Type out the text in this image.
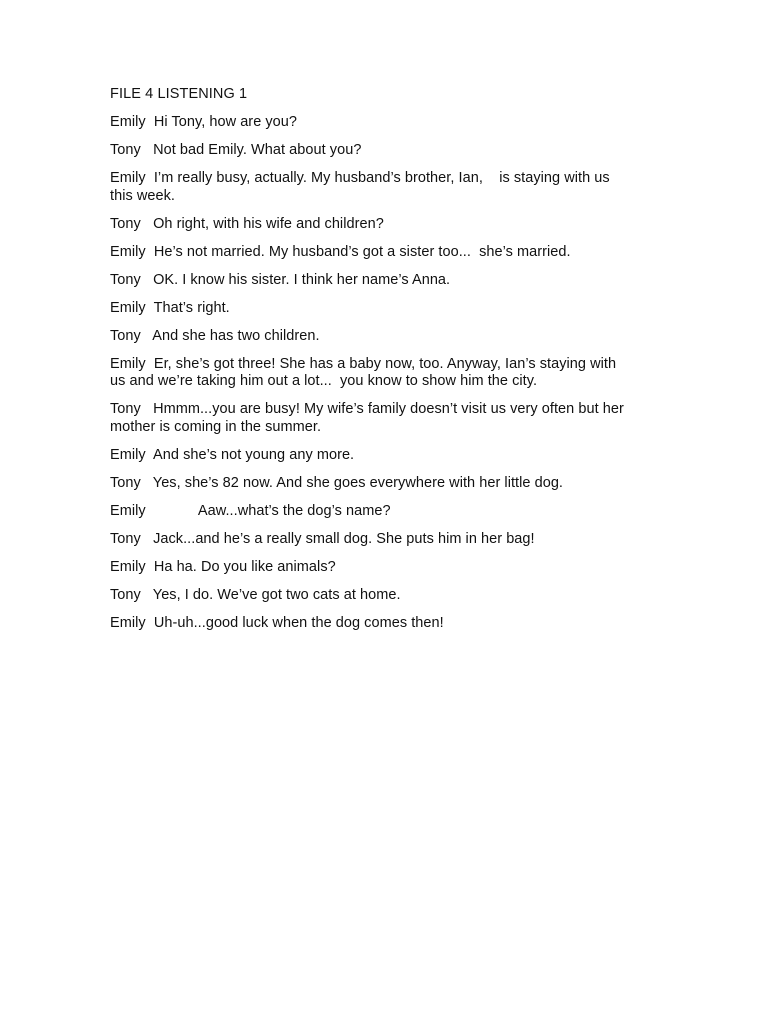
FILE 4 LISTENING 1
Emily  Hi Tony, how are you?
Tony   Not bad Emily. What about you?
Emily  I’m really busy, actually. My husband’s brother, Ian,    is staying with us
this week.
Tony   Oh right, with his wife and children?
Emily  He’s not married. My husband’s got a sister too...  she’s married.
Tony   OK. I know his sister. I think her name’s Anna.
Emily  That’s right.
Tony   And she has two children.
Emily  Er, she’s got three! She has a baby now, too. Anyway, Ian’s staying with
us and we’re taking him out a lot...  you know to show him the city.
Tony   Hmmm...you are busy! My wife’s family doesn’t visit us very often but her
mother is coming in the summer.
Emily  And she’s not young any more.
Tony   Yes, she’s 82 now. And she goes everywhere with her little dog.
Emily             Aaw...what’s the dog’s name?
Tony   Jack...and he’s a really small dog. She puts him in her bag!
Emily  Ha ha. Do you like animals?
Tony   Yes, I do. We’ve got two cats at home.
Emily  Uh-uh...good luck when the dog comes then!
